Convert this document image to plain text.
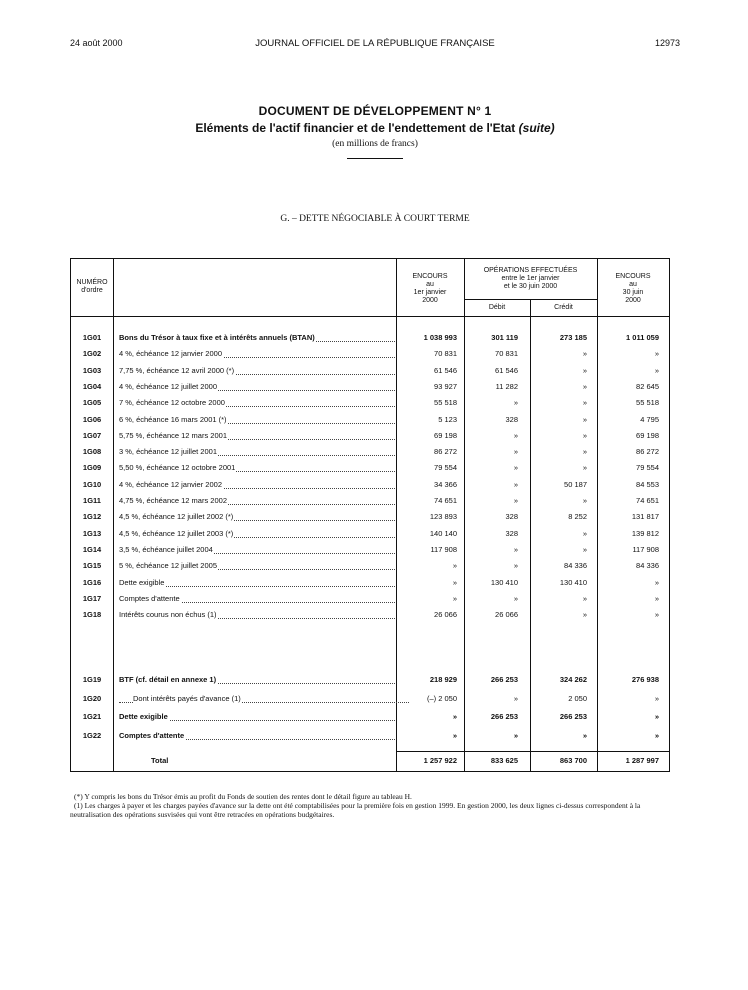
24 août 2000	JOURNAL OFFICIEL DE LA RÉPUBLIQUE FRANÇAISE	12973
DOCUMENT DE DÉVELOPPEMENT N° 1
Eléments de l'actif financier et de l'endettement de l'Etat (suite)
(en millions de francs)
G. – DETTE NÉGOCIABLE À COURT TERME
NUMÉRO
d'ordre
ENCOURS
au
1er janvier
2000
OPÉRATIONS EFFECTUÉES
entre le 1er janvier
et le 30 juin 2000
Débit	Crédit
ENCOURS
au
30 juin
2000
1G01	Bons du Trésor à taux fixe et à intérêts annuels (BTAN)	1 038 993	301 119	273 185	1 011 059
1G02	4 %, échéance 12 janvier 2000	70 831	70 831	»	»
1G03	7,75 %, échéance 12 avril 2000 (*)	61 546	61 546	»	»
1G04	4 %, échéance 12 juillet 2000	93 927	11 282	»	82 645
1G05	7 %, échéance 12 octobre 2000	55 518	»	»	55 518
1G06	6 %, échéance 16 mars 2001 (*)	5 123	328	»	4 795
1G07	5,75 %, échéance 12 mars 2001	69 198	»	»	69 198
1G08	3 %, échéance 12 juillet 2001	86 272	»	»	86 272
1G09	5,50 %, échéance 12 octobre 2001	79 554	»	»	79 554
1G10	4 %, échéance 12 janvier 2002	34 366	»	50 187	84 553
1G11	4,75 %, échéance 12 mars 2002	74 651	»	»	74 651
1G12	4,5 %, échéance 12 juillet 2002 (*)	123 893	328	8 252	131 817
1G13	4,5 %, échéance 12 juillet 2003 (*)	140 140	328	»	139 812
1G14	3,5 %, échéance juillet 2004	117 908	»	»	117 908
1G15	5 %, échéance 12 juillet 2005	»	»	84 336	84 336
1G16	Dette exigible	»	130 410	130 410	»
1G17	Comptes d'attente	»	»	»	»
1G18	Intérêts courus non échus (1)	26 066	26 066	»	»
1G19	BTF (cf. détail en annexe 1)	218 929	266 253	324 262	276 938
1G20	Dont intérêts payés d'avance (1)	(–) 2 050	»	2 050	»
1G21	Dette exigible	»	266 253	266 253	»
1G22	Comptes d'attente	»	»	»	»
Total	1 257 922	833 625	863 700	1 287 997

(*) Y compris les bons du Trésor émis au profit du Fonds de soutien des rentes dont le détail figure au tableau H.

(1) Les charges à payer et les charges payées d'avance sur la dette ont été comptabilisées pour la première fois en gestion 1999. En gestion 2000, les deux lignes ci-dessus correspondent à la neutralisation des opérations susvisées qui vont être retracées en opérations budgétaires.
